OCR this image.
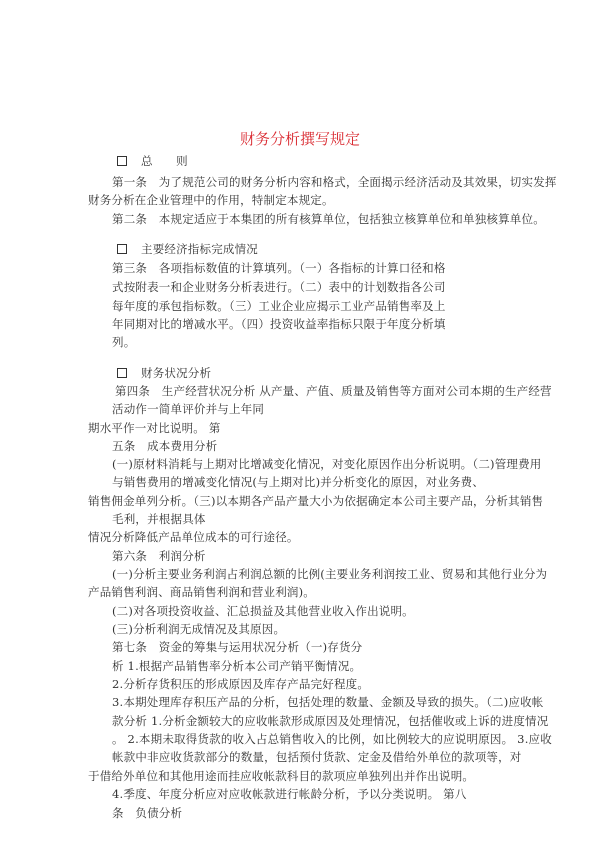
财务分析撰写规定
总　　则
第一条　为了规范公司的财务分析内容和格式，全面揭示经济活动及其效果，切实发挥
财务分析在企业管理中的作用，特制定本规定。
第二条　本规定适应于本集团的所有核算单位，包括独立核算单位和单独核算单位。
主要经济指标完成情况
第三条　各项指标数值的计算填列。（一）各指标的计算口径和格
式按附表一和企业财务分析表进行。（二）表中的计划数指各公司
每年度的承包指标数。（三）工业企业应揭示工业产品销售率及上
年同期对比的增减水平。（四）投资收益率指标只限于年度分析填
列。
财务状况分析
第四条　生产经营状况分析 从产量、产值、质量及销售等方面对公司本期的生产经营
活动作一简单评价并与上年同
期水平作一对比说明。 第
五条　成本费用分析
(一)原材料消耗与上期对比增减变化情况，对变化原因作出分析说明。（二)管理费用
与销售费用的增减变化情况(与上期对比)并分析变化的原因，对业务费、
销售佣金单列分析。（三)以本期各产品产量大小为依据确定本公司主要产品，分析其销售
毛利，并根据具体
情况分析降低产品单位成本的可行途径。
第六条　利润分析
(一)分析主要业务利润占利润总额的比例(主要业务利润按工业、贸易和其他行业分为
产品销售利润、商品销售利润和营业利润)。
(二)对各项投资收益、汇总损益及其他营业收入作出说明。
(三)分析利润无成情况及其原因。
第七条　资金的筹集与运用状况分析（一)存货分
析 1.根据产品销售率分析本公司产销平衡情况。
2.分析存货积压的形成原因及库存产品完好程度。
3.本期处理库存积压产品的分析，包括处理的数量、金额及导致的损失。（二)应收帐
款分析 1.分析金额较大的应收帐款形成原因及处理情况，包括催收或上诉的进度情况
。 2.本期未取得货款的收入占总销售收入的比例，如比例较大的应说明原因。 3.应收
帐款中非应收货款部分的数量，包括预付货款、定金及借给外单位的款项等，对
于借给外单位和其他用途而挂应收帐款科目的款项应单独列出并作出说明。
4.季度、年度分析应对应收帐款进行帐龄分析，予以分类说明。 第八
条　负债分析
